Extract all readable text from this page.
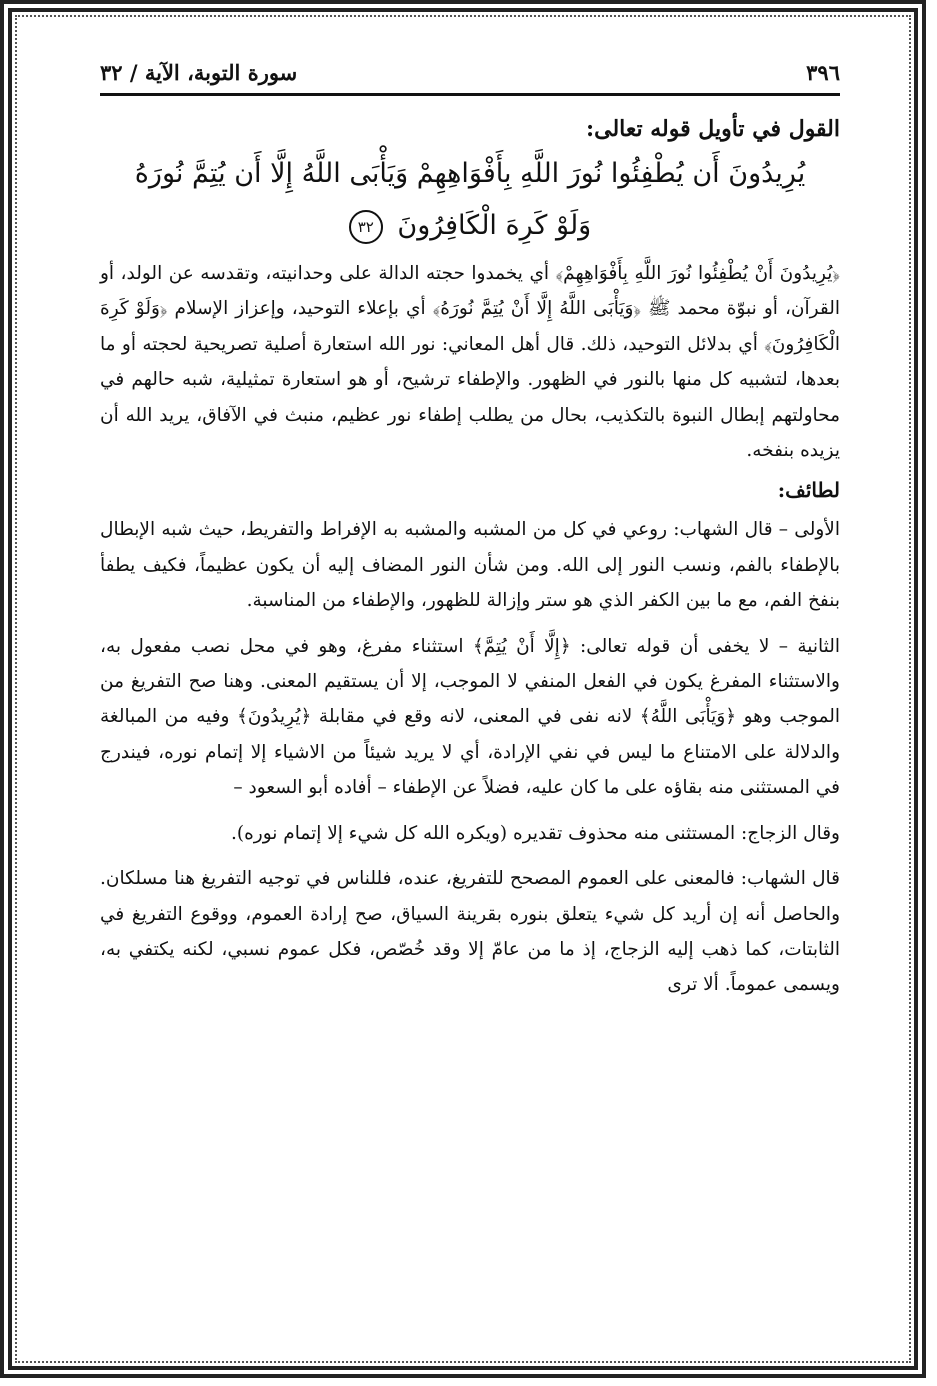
٣٩٦
سورة التوبة، الآية / ٣٢
القول في تأويل قوله تعالى:
يُرِيدُونَ أَن يُطْفِئُوا نُورَ اللَّهِ بِأَفْوَاهِهِمْ وَيَأْبَى اللَّهُ إِلَّا أَن يُتِمَّ نُورَهُ
وَلَوْ كَرِهَ الْكَافِرُونَ ٣٢

﴿يُرِيدُونَ أَنْ يُطْفِئُوا نُورَ اللَّهِ بِأَفْوَاهِهِمْ﴾ أي يخمدوا حجته الدالة على وحدانيته، وتقدسه عن الولد، أو القرآن، أو نبوّة محمد ﷺ ﴿وَيَأْبَى اللَّهُ إِلَّا أَنْ يُتِمَّ نُورَهُ﴾ أي بإعلاء التوحيد، وإعزاز الإسلام ﴿وَلَوْ كَرِهَ الْكَافِرُونَ﴾ أي بدلائل التوحيد، ذلك. قال أهل المعاني: نور الله استعارة أصلية تصريحية لحجته أو ما بعدها، لتشبيه كل منها بالنور في الظهور. والإطفاء ترشيح، أو هو استعارة تمثيلية، شبه حالهم في محاولتهم إبطال النبوة بالتكذيب، بحال من يطلب إطفاء نور عظيم، منبث في الآفاق، يريد الله أن يزيده بنفخه.

لطائف:

الأولى – قال الشهاب: روعي في كل من المشبه والمشبه به الإفراط والتفريط، حيث شبه الإبطال بالإطفاء بالفم، ونسب النور إلى الله. ومن شأن النور المضاف إليه أن يكون عظيماً، فكيف يطفأ بنفخ الفم، مع ما بين الكفر الذي هو ستر وإزالة للظهور، والإطفاء من المناسبة.

الثانية – لا يخفى أن قوله تعالى: ﴿إِلَّا أَنْ يُتِمَّ﴾ استثناء مفرغ، وهو في محل نصب مفعول به، والاستثناء المفرغ يكون في الفعل المنفي لا الموجب، إلا أن يستقيم المعنى. وهنا صح التفريغ من الموجب وهو ﴿وَيَأْبَى اللَّهُ﴾ لانه نفى في المعنى، لانه وقع في مقابلة ﴿يُرِيدُونَ﴾ وفيه من المبالغة والدلالة على الامتناع ما ليس في نفي الإرادة، أي لا يريد شيئاً من الاشياء إلا إتمام نوره، فيندرج في المستثنى منه بقاؤه على ما كان عليه، فضلاً عن الإطفاء – أفاده أبو السعود –

وقال الزجاج: المستثنى منه محذوف تقديره (ويكره الله كل شيء إلا إتمام نوره).

قال الشهاب: فالمعنى على العموم المصحح للتفريغ، عنده، فللناس في توجيه التفريغ هنا مسلكان. والحاصل أنه إن أريد كل شيء يتعلق بنوره بقرينة السياق، صح إرادة العموم، ووقوع التفريغ في الثابتات، كما ذهب إليه الزجاج، إذ ما من عامّ إلا وقد خُصّص، فكل عموم نسبي، لكنه يكتفي به، ويسمى عموماً. ألا ترى
